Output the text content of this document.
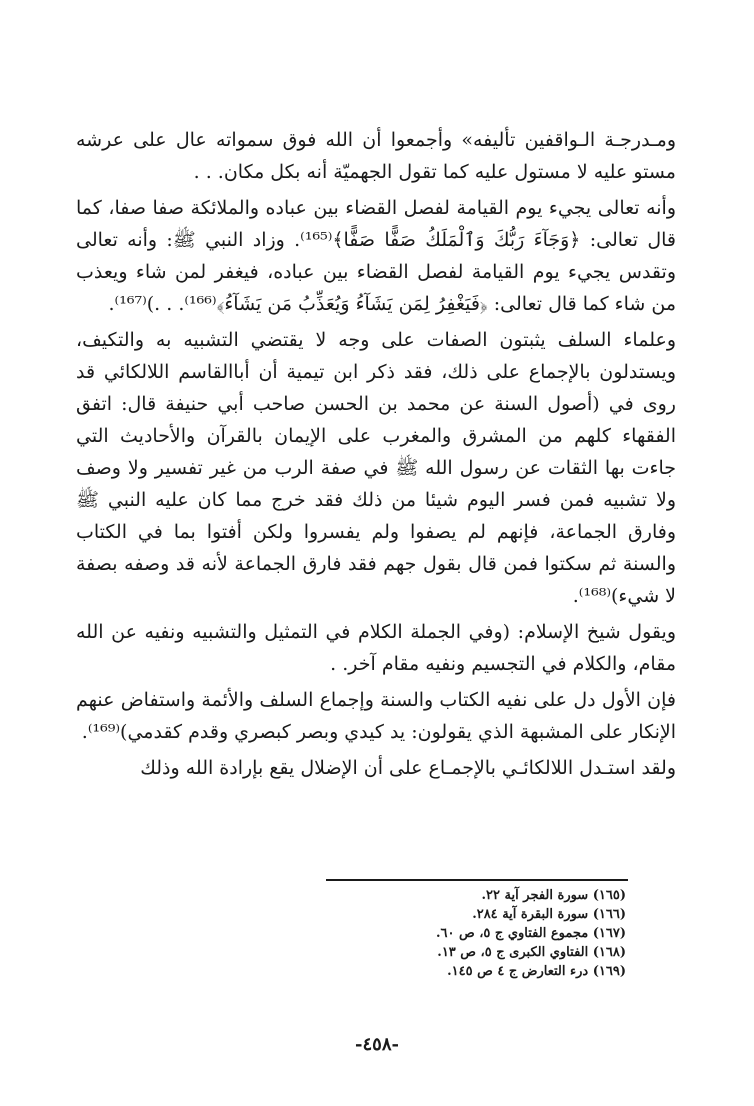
ومـدرجـة الـواقفين تأليفه» وأجمعوا أن الله فوق سمواته عال على عرشه مستو عليه لا مستول عليه كما تقول الجهميّة أنه بكل مكان. . .

وأنه تعالى يجيء يوم القيامة لفصل القضاء بين عباده والملائكة صفا صفا، كما قال تعالى: ﴿وَجَآءَ رَبُّكَ وَٱلْمَلَكُ صَفًّا صَفًّا﴾⁽¹⁶⁵⁾. وزاد النبي ﷺ: وأنه تعالى وتقدس يجيء يوم القيامة لفصل القضاء بين عباده، فيغفر لمن شاء ويعذب من شاء كما قال تعالى: ﴿فَيَغْفِرُ لِمَن يَشَآءُ وَيُعَذِّبُ مَن يَشَآءُ﴾⁽¹⁶⁶⁾. . .)⁽¹⁶⁷⁾.

وعلماء السلف يثبتون الصفات على وجه لا يقتضي التشبيه به والتكيف، ويستدلون بالإجماع على ذلك، فقد ذكر ابن تيمية أن أباالقاسم اللالكائي قد روى في (أصول السنة عن محمد بن الحسن صاحب أبي حنيفة قال: اتفق الفقهاء كلهم من المشرق والمغرب على الإيمان بالقرآن والأحاديث التي جاءت بها الثقات عن رسول الله ﷺ في صفة الرب من غير تفسير ولا وصف ولا تشبيه فمن فسر اليوم شيئا من ذلك فقد خرج مما كان عليه النبي ﷺ وفارق الجماعة، فإنهم لم يصفوا ولم يفسروا ولكن أفتوا بما في الكتاب والسنة ثم سكتوا فمن قال بقول جهم فقد فارق الجماعة لأنه قد وصفه بصفة لا شيء)⁽¹⁶⁸⁾.

ويقول شيخ الإسلام: (وفي الجملة الكلام في التمثيل والتشبيه ونفيه عن الله مقام، والكلام في التجسيم ونفيه مقام آخر. .

فإن الأول دل على نفيه الكتاب والسنة وإجماع السلف والأئمة واستفاض عنهم الإنكار على المشبهة الذي يقولون: يد كيدي وبصر كبصري وقدم كقدمي)⁽¹⁶⁹⁾.

ولقد استـدل اللالكائـي بالإجمـاع على أن الإضلال يقع بإرادة الله وذلك

(١٦٥) سورة الفجر آية ٢٢.
(١٦٦) سورة البقرة آية ٢٨٤.
(١٦٧) مجموع الفتاوي ج ٥، ص ٦٠.
(١٦٨) الفتاوي الكبرى ج ٥، ص ١٣.
(١٦٩) درء التعارض ج ٤ ص ١٤٥.
-٤٥٨-
